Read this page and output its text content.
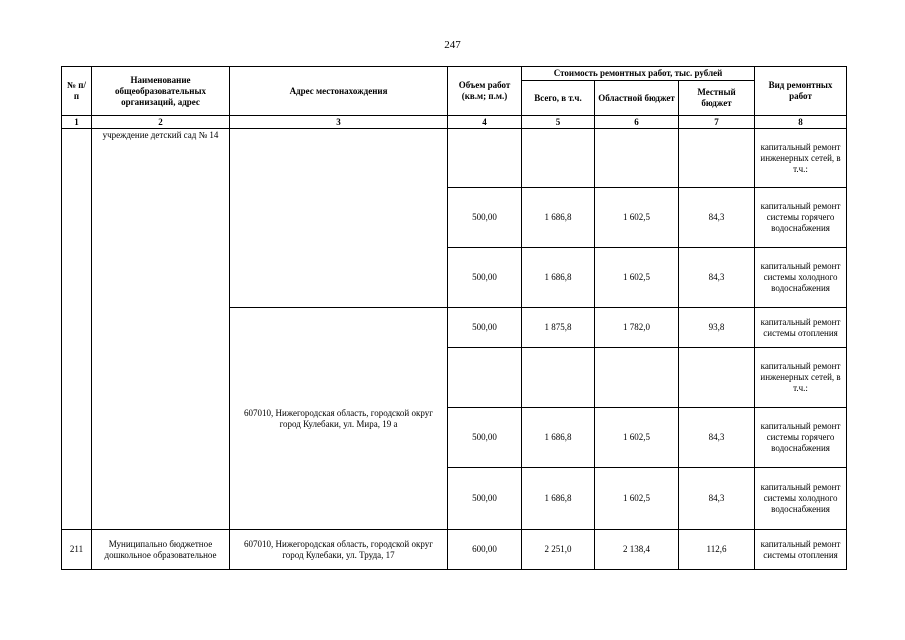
247
№ п/п	Наименование общеобразовательных организаций, адрес	Адрес местонахождения	Объем работ (кв.м; п.м.)	Стоимость ремонтных работ, тыс. рублей			Вид ремонтных работ
				Всего, в т.ч.	Областной бюджет	Местный бюджет	
1	2	3	4	5	6	7	8
	учреждение детский сад № 14						капитальный ремонт инженерных сетей, в т.ч.:
			500,00	1 686,8	1 602,5	84,3	капитальный ремонт системы горячего водоснабжения
			500,00	1 686,8	1 602,5	84,3	капитальный ремонт системы холодного водоснабжения
		607010, Нижегородская область, городской округ город Кулебаки, ул. Мира, 19 а	500,00	1 875,8	1 782,0	93,8	капитальный ремонт системы отопления
							капитальный ремонт инженерных сетей, в т.ч.:
			500,00	1 686,8	1 602,5	84,3	капитальный ремонт системы горячего водоснабжения
			500,00	1 686,8	1 602,5	84,3	капитальный ремонт системы холодного водоснабжения
211	Муниципально бюджетное дошкольное образовательное	607010, Нижегородская область, городской округ город Кулебаки, ул. Труда, 17	600,00	2 251,0	2 138,4	112,6	капитальный ремонт системы отопления
